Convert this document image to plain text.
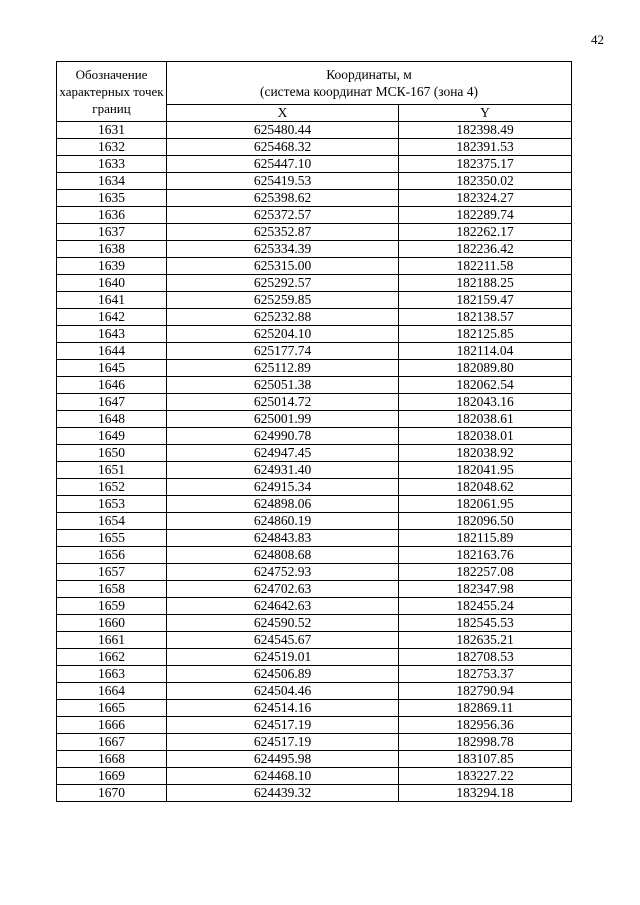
42
Обозначение характерных точек границ	Координаты, м
(система координат МСК-167 (зона 4)	
	X	Y
1631	625480.44	182398.49
1632	625468.32	182391.53
1633	625447.10	182375.17
1634	625419.53	182350.02
1635	625398.62	182324.27
1636	625372.57	182289.74
1637	625352.87	182262.17
1638	625334.39	182236.42
1639	625315.00	182211.58
1640	625292.57	182188.25
1641	625259.85	182159.47
1642	625232.88	182138.57
1643	625204.10	182125.85
1644	625177.74	182114.04
1645	625112.89	182089.80
1646	625051.38	182062.54
1647	625014.72	182043.16
1648	625001.99	182038.61
1649	624990.78	182038.01
1650	624947.45	182038.92
1651	624931.40	182041.95
1652	624915.34	182048.62
1653	624898.06	182061.95
1654	624860.19	182096.50
1655	624843.83	182115.89
1656	624808.68	182163.76
1657	624752.93	182257.08
1658	624702.63	182347.98
1659	624642.63	182455.24
1660	624590.52	182545.53
1661	624545.67	182635.21
1662	624519.01	182708.53
1663	624506.89	182753.37
1664	624504.46	182790.94
1665	624514.16	182869.11
1666	624517.19	182956.36
1667	624517.19	182998.78
1668	624495.98	183107.85
1669	624468.10	183227.22
1670	624439.32	183294.18
